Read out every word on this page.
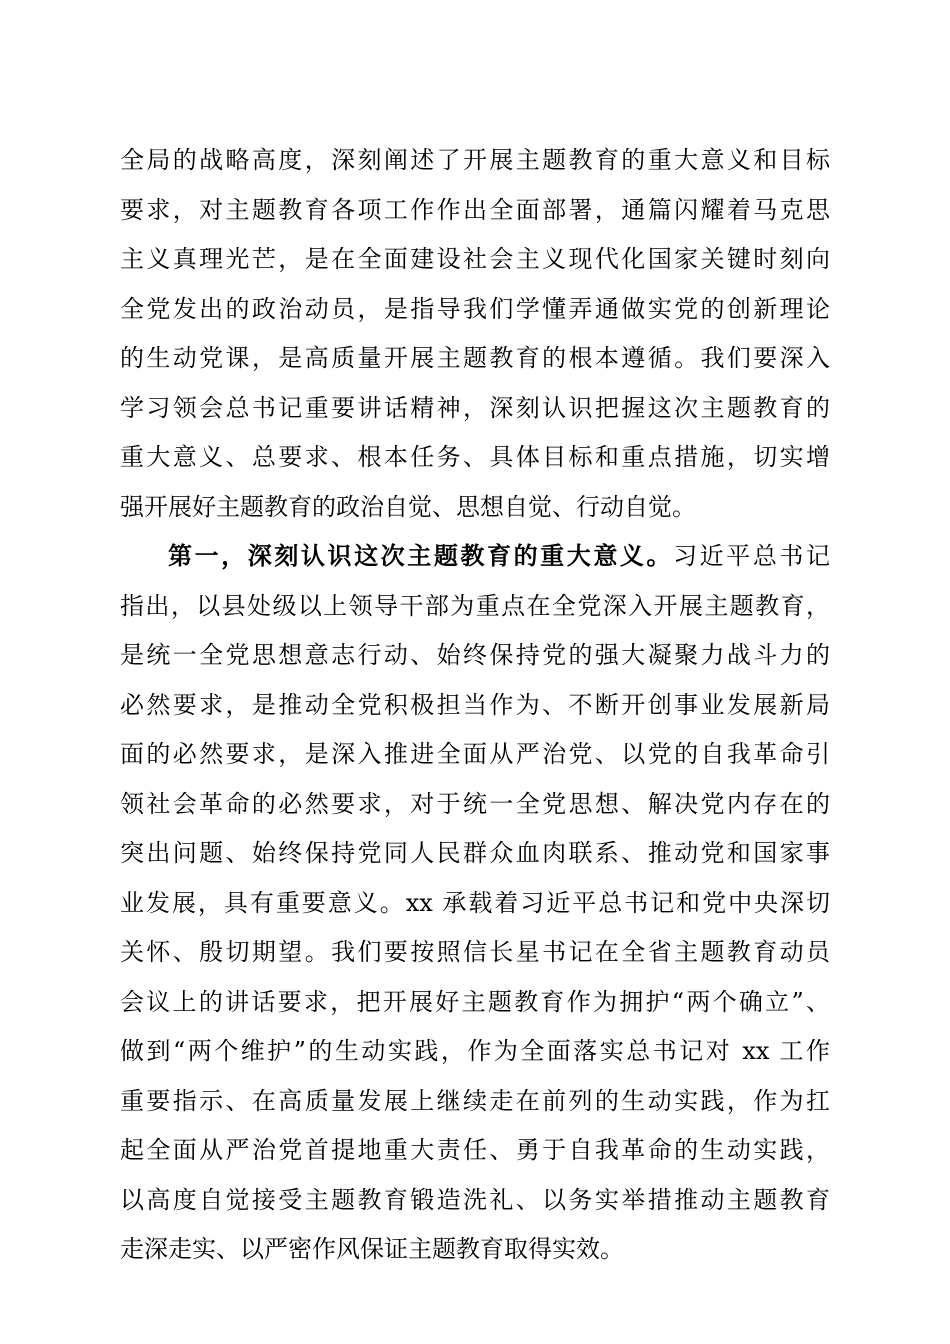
全局的战略高度，深刻阐述了开展主题教育的重大意义和目标
要求，对主题教育各项工作作出全面部署，通篇闪耀着马克思
主义真理光芒，是在全面建设社会主义现代化国家关键时刻向
全党发出的政治动员，是指导我们学懂弄通做实党的创新理论
的生动党课，是高质量开展主题教育的根本遵循。我们要深入
学习领会总书记重要讲话精神，深刻认识把握这次主题教育的
重大意义、总要求、根本任务、具体目标和重点措施，切实增
强开展好主题教育的政治自觉、思想自觉、行动自觉。
第一，深刻认识这次主题教育的重大意义。习近平总书记
指出，以县处级以上领导干部为重点在全党深入开展主题教育，
是统一全党思想意志行动、始终保持党的强大凝聚力战斗力的
必然要求，是推动全党积极担当作为、不断开创事业发展新局
面的必然要求，是深入推进全面从严治党、以党的自我革命引
领社会革命的必然要求，对于统一全党思想、解决党内存在的
突出问题、始终保持党同人民群众血肉联系、推动党和国家事
业发展，具有重要意义。xx 承载着习近平总书记和党中央深切
关怀、殷切期望。我们要按照信长星书记在全省主题教育动员
会议上的讲话要求，把开展好主题教育作为拥护“两个确立”、
做到“两个维护”的生动实践，作为全面落实总书记对 xx 工作
重要指示、在高质量发展上继续走在前列的生动实践，作为扛
起全面从严治党首提地重大责任、勇于自我革命的生动实践，
以高度自觉接受主题教育锻造洗礼、以务实举措推动主题教育
走深走实、以严密作风保证主题教育取得实效。
